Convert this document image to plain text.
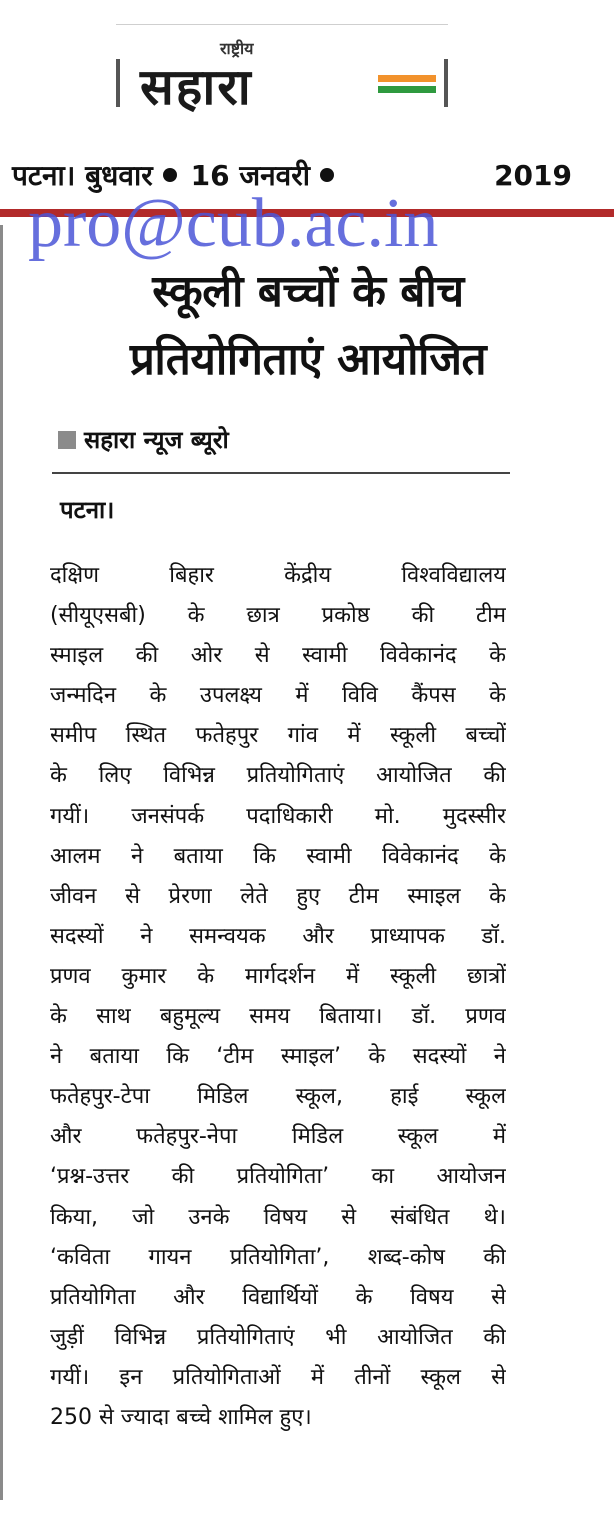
राष्ट्रीय
सहारा
पटना। बुधवार 16 जनवरी	2019
स्कूली बच्चों के बीच
प्रतियोगिताएं आयोजित
pro@cub.ac.in
सहारा न्यूज ब्यूरो
पटना।
दक्षिण बिहार केंद्रीय विश्वविद्यालय
(सीयूएसबी) के छात्र प्रकोष्ठ की टीम
स्माइल की ओर से स्वामी विवेकानंद के
जन्मदिन के उपलक्ष्य में विवि कैंपस के
समीप स्थित फतेहपुर गांव में स्कूली बच्चों
के लिए विभिन्न प्रतियोगिताएं आयोजित की
गयीं। जनसंपर्क पदाधिकारी मो. मुदस्सीर
आलम ने बताया कि स्वामी विवेकानंद के
जीवन से प्रेरणा लेते हुए टीम स्माइल के
सदस्यों ने समन्वयक और प्राध्यापक डॉ.
प्रणव कुमार के मार्गदर्शन में स्कूली छात्रों
के साथ बहुमूल्य समय बिताया। डॉ. प्रणव
ने बताया कि ‘टीम स्माइल’ के सदस्यों ने
फतेहपुर-टेपा मिडिल स्कूल, हाई स्कूल
और फतेहपुर-नेपा मिडिल स्कूल में
‘प्रश्न-उत्तर की प्रतियोगिता’ का आयोजन
किया, जो उनके विषय से संबंधित थे।
‘कविता गायन प्रतियोगिता’, शब्द-कोष की
प्रतियोगिता और विद्यार्थियों के विषय से
जुड़ीं विभिन्न प्रतियोगिताएं भी आयोजित की
गयीं। इन प्रतियोगिताओं में तीनों स्कूल से
250 से ज्यादा बच्चे शामिल हुए।
